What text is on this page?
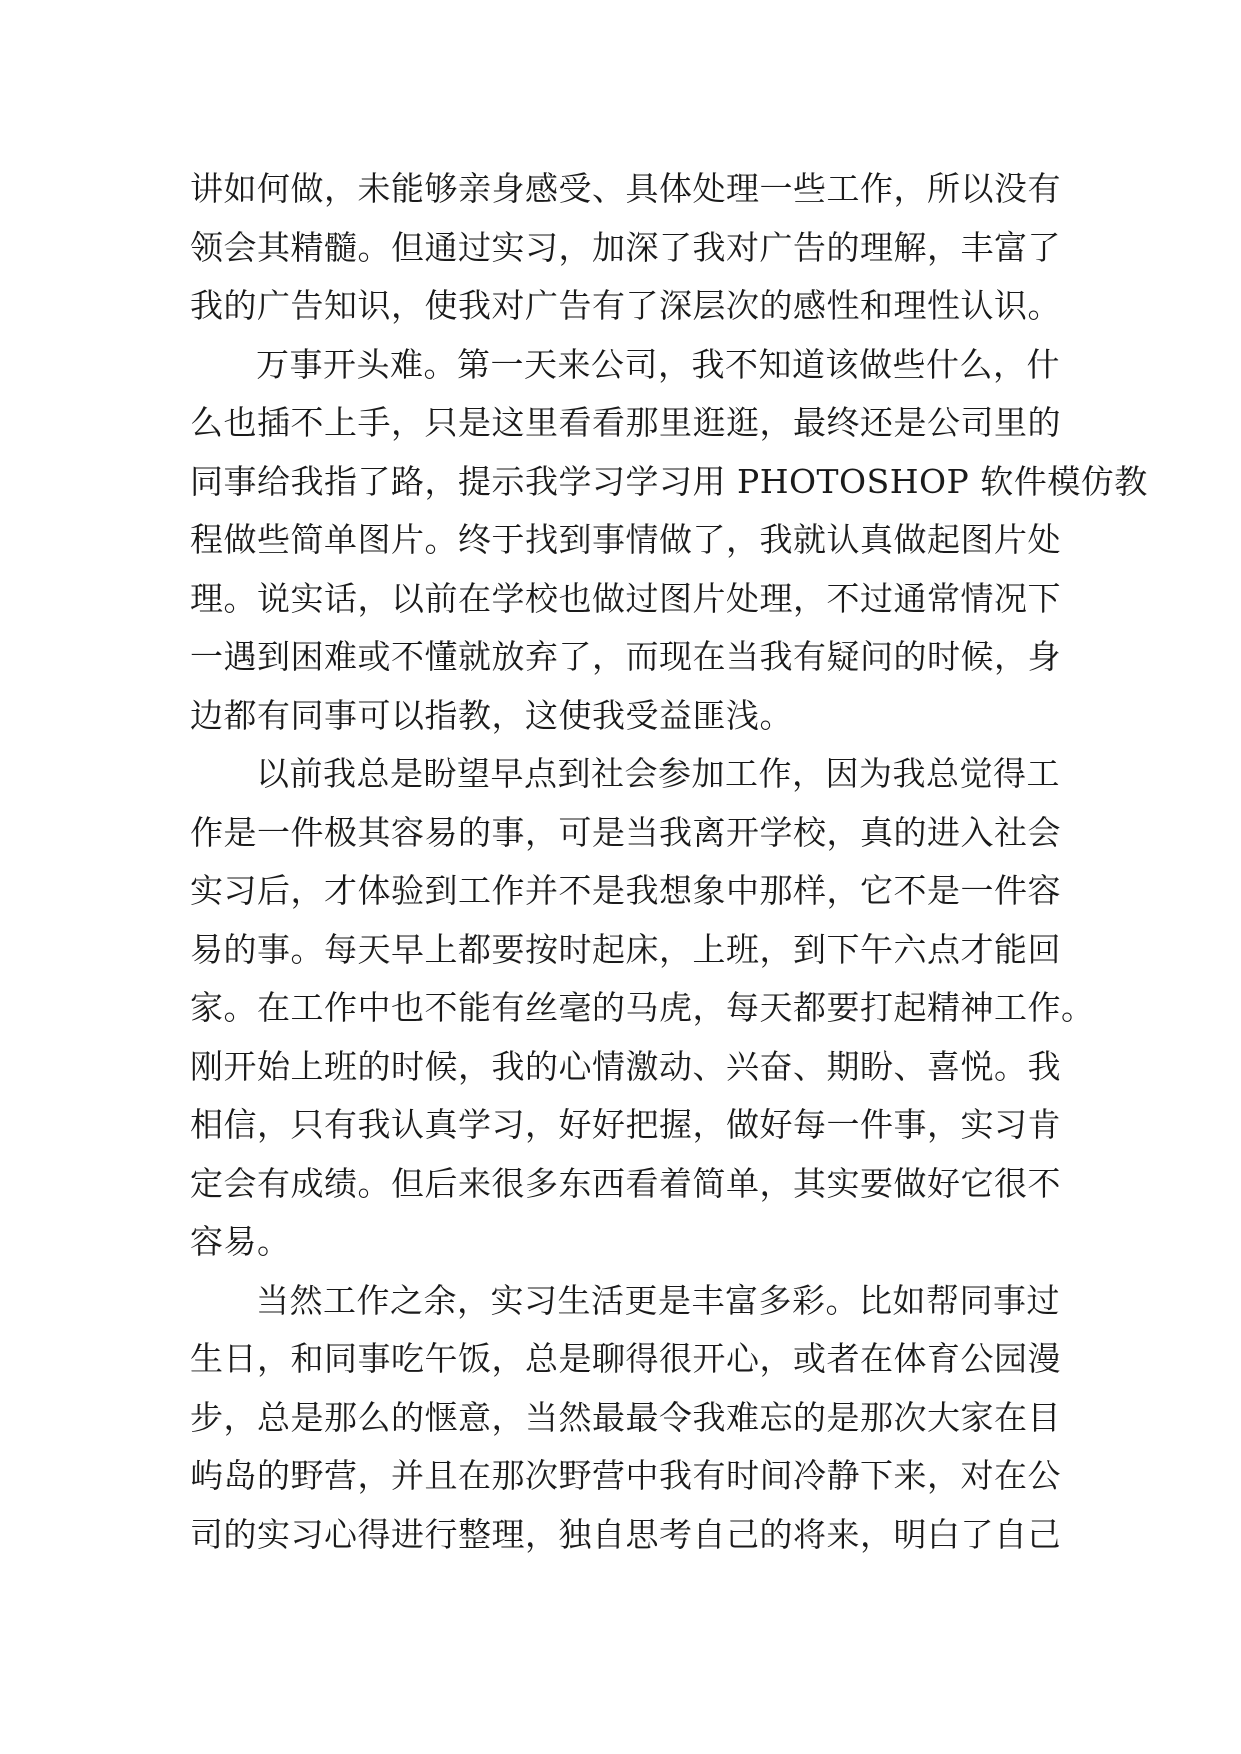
讲如何做，未能够亲身感受、具体处理一些工作，所以没有
领会其精髓。但通过实习，加深了我对广告的理解，丰富了
我的广告知识，使我对广告有了深层次的感性和理性认识。
万事开头难。第一天来公司，我不知道该做些什么，什
么也插不上手，只是这里看看那里逛逛，最终还是公司里的
同事给我指了路，提示我学习学习用 PHOTOSHOP 软件模仿教
程做些简单图片。终于找到事情做了，我就认真做起图片处
理。说实话，以前在学校也做过图片处理，不过通常情况下
一遇到困难或不懂就放弃了，而现在当我有疑问的时候，身
边都有同事可以指教，这使我受益匪浅。
以前我总是盼望早点到社会参加工作，因为我总觉得工
作是一件极其容易的事，可是当我离开学校，真的进入社会
实习后，才体验到工作并不是我想象中那样，它不是一件容
易的事。每天早上都要按时起床，上班，到下午六点才能回
家。在工作中也不能有丝毫的马虎，每天都要打起精神工作。
刚开始上班的时候，我的心情激动、兴奋、期盼、喜悦。我
相信，只有我认真学习，好好把握，做好每一件事，实习肯
定会有成绩。但后来很多东西看着简单，其实要做好它很不
容易。
当然工作之余，实习生活更是丰富多彩。比如帮同事过
生日，和同事吃午饭，总是聊得很开心，或者在体育公园漫
步，总是那么的惬意，当然最最令我难忘的是那次大家在目
屿岛的野营，并且在那次野营中我有时间冷静下来，对在公
司的实习心得进行整理，独自思考自己的将来，明白了自己
